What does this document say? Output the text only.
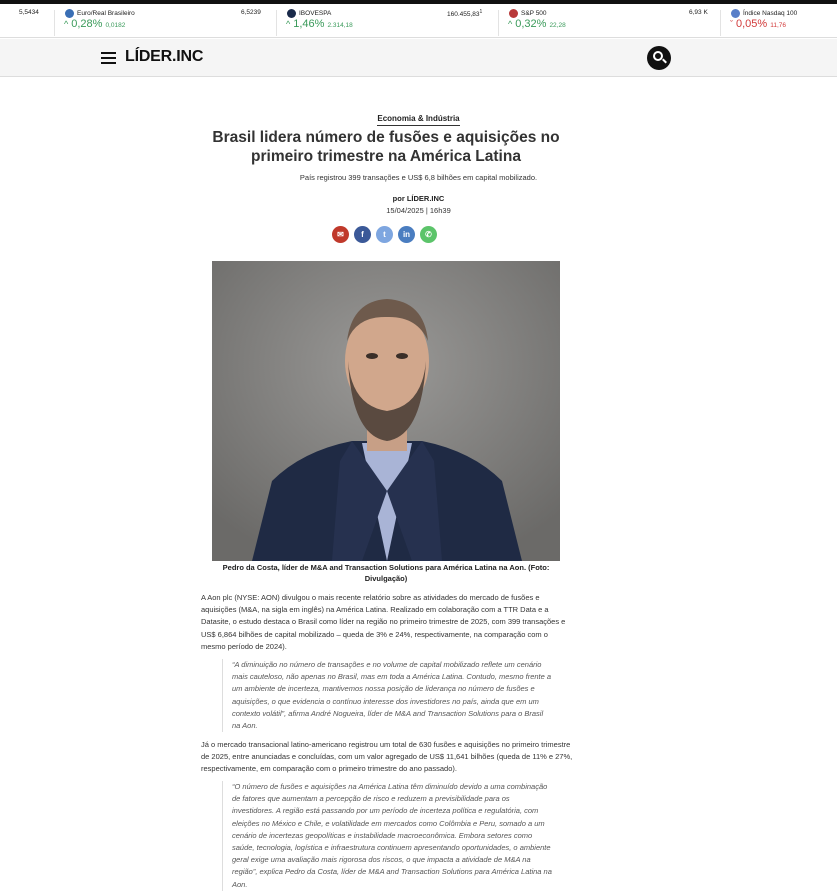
5,5434	Euro/Real Brasileiro	6,5239
^ 0,28% 0,0182
IBOVESPA	160.455,83$^1$
^ 1,46% 2.314,18
S&P 500	6,93 K
^ 0,32% 22,28
Índice Nasdaq 100
ˇ 0,05% 11,76
LÍDER.INC
Economia & Indústria
Brasil lidera número de fusões e aquisições no primeiro trimestre na América Latina
País registrou 399 transações e US$ 6,8 bilhões em capital mobilizado.
por LÍDER.INC
15/04/2025 | 16h39
✉	f	t	in	✆
Pedro da Costa, líder de M&A and Transaction Solutions para América Latina na Aon. (Foto: Divulgação)

A Aon plc (NYSE: AON) divulgou o mais recente relatório sobre as atividades do mercado de fusões e aquisições (M&A, na sigla em inglês) na América Latina. Realizado em colaboração com a TTR Data e a Datasite, o estudo destaca o Brasil como líder na região no primeiro trimestre de 2025, com 399 transações e US$ 6,864 bilhões de capital mobilizado – queda de 3% e 24%, respectivamente, na comparação com o mesmo período de 2024).

“A diminuição no número de transações e no volume de capital mobilizado reflete um cenário mais cauteloso, não apenas no Brasil, mas em toda a América Latina. Contudo, mesmo frente a um ambiente de incerteza, mantivemos nossa posição de liderança no número de fusões e aquisições, o que evidencia o contínuo interesse dos investidores no país, ainda que em um contexto volátil”, afirma André Nogueira, líder de M&A and Transaction Solutions para o Brasil na Aon.

Já o mercado transacional latino-americano registrou um total de 630 fusões e aquisições no primeiro trimestre de 2025, entre anunciadas e concluídas, com um valor agregado de US$ 11,641 bilhões (queda de 11% e 27%, respectivamente, em comparação com o primeiro trimestre do ano passado).

“O número de fusões e aquisições na América Latina têm diminuído devido a uma combinação de fatores que aumentam a percepção de risco e reduzem a previsibilidade para os investidores. A região está passando por um período de incerteza política e regulatória, com eleições no México e Chile, e volatilidade em mercados como Colômbia e Peru, somado a um cenário de incertezas geopolíticas e instabilidade macroeconômica. Embora setores como saúde, tecnologia, logística e infraestrutura continuem apresentando oportunidades, o ambiente geral exige uma avaliação mais rigorosa dos riscos, o que impacta a atividade de M&A na região”, explica Pedro da Costa, líder de M&A and Transaction Solutions para América Latina na Aon.
